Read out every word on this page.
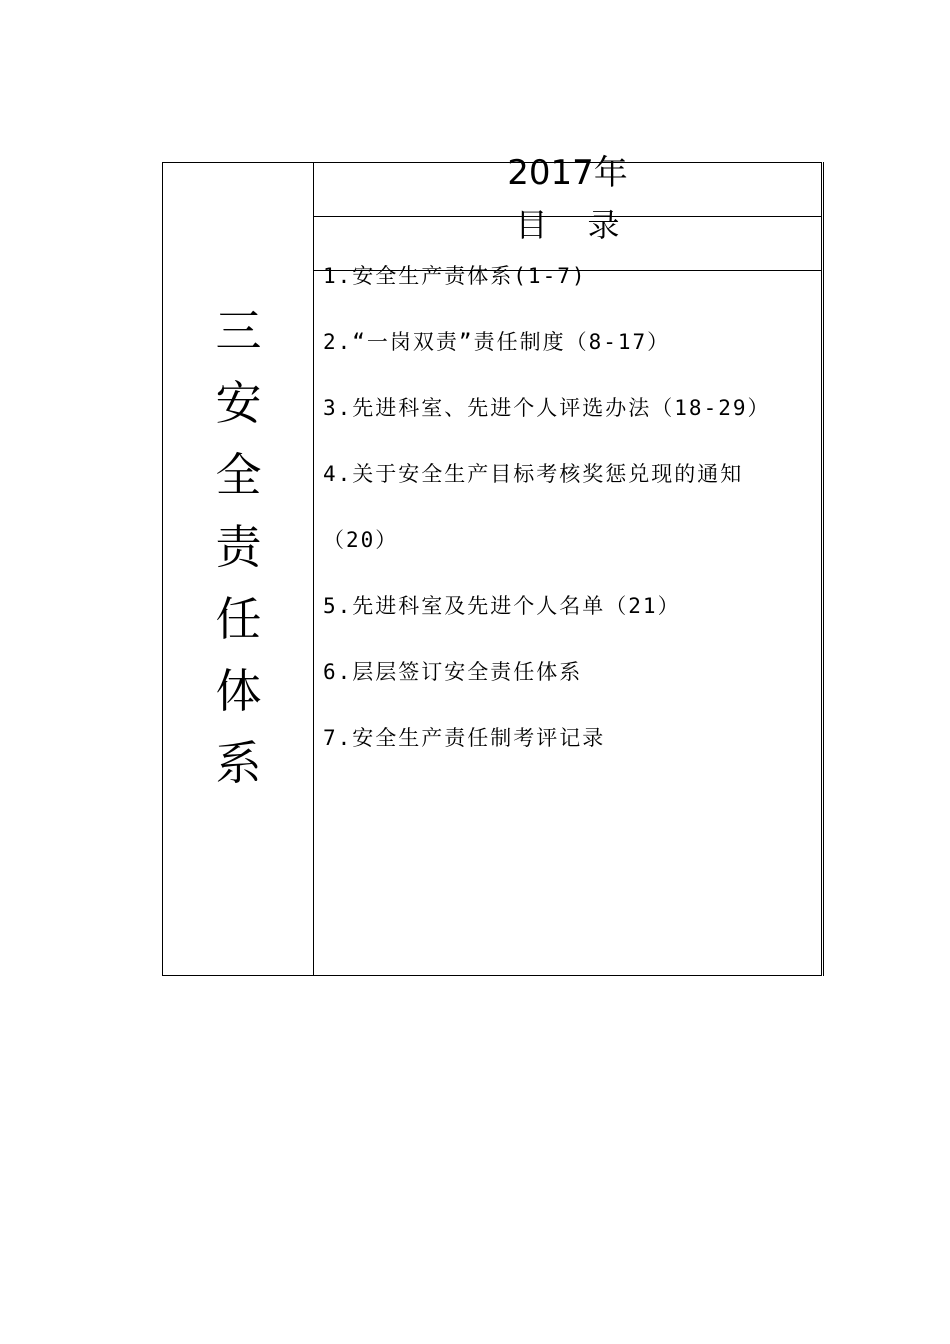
三
安
全
责
任
体
系
2017年
目录
1.安全生产责体系(1-7)
2.“一岗双责”责任制度（8-17）
3.先进科室、先进个人评选办法（18-29）
4.关于安全生产目标考核奖惩兑现的通知
（20）
5.先进科室及先进个人名单（21）
6.层层签订安全责任体系
7.安全生产责任制考评记录
